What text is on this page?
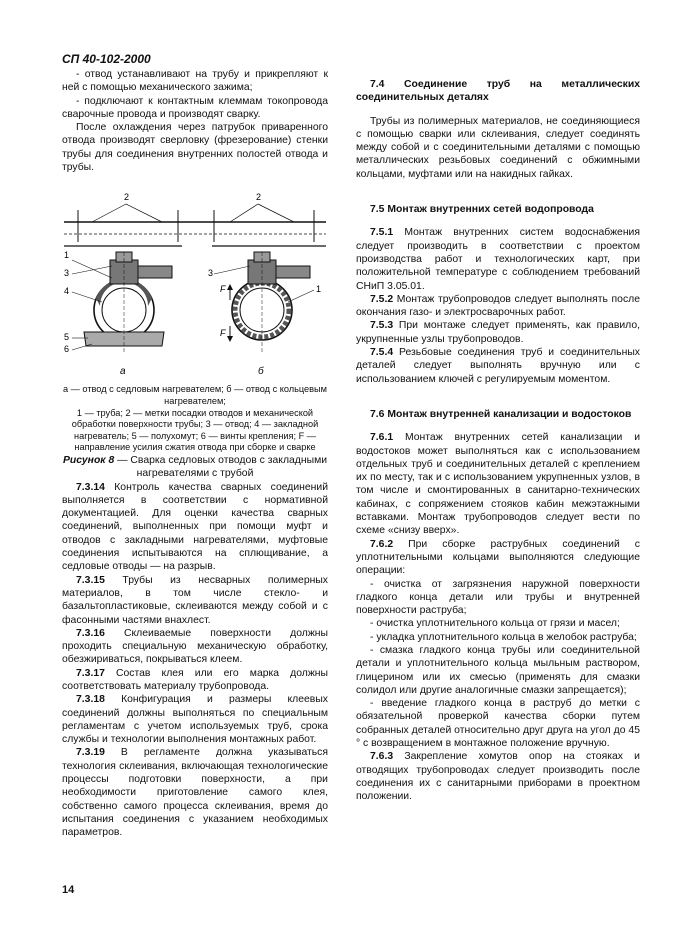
СП 40-102-2000

- отвод устанавливают на трубу и прикрепляют к ней с помощью механического зажима;

- подключают к контактным клеммам токопровода сварочные провода и производят сварку.

После охлаждения через патрубок приваренного отвода производят сверловку (фрезерование) стенки трубы для соединения внутренних полостей отвода и трубы.

2	2
1
3
4
3
1
F
F
5
6
а	б

а — отвод с седловым нагревателем; б — отвод с кольцевым нагревателем;

1 — труба; 2 — метки посадки отводов и механической обработки поверхности трубы; 3 — отвод; 4 — закладной нагреватель; 5 — полухомут; 6 — винты крепления; F — направление усилия сжатия отвода при сборке и сварке

Рисунок 8 — Сварка седловых отводов с закладными нагревателями с трубой

7.3.14 Контроль качества сварных соединений выполняется в соответствии с нормативной документацией. Для оценки качества сварных соединений, выполненных при помощи муфт и отводов с закладными нагревателями, муфтовые соединения испытываются на сплющивание, а седловые отводы — на разрыв.

7.3.15 Трубы из несварных полимерных материалов, в том числе стекло- и базальтопластиковые, склеиваются между собой и с фасонными частями внахлест.

7.3.16 Склеиваемые поверхности должны проходить специальную механическую обработку, обезжириваться, покрываться клеем.

7.3.17 Состав клея или его марка должны соответствовать материалу трубопровода.

7.3.18 Конфигурация и размеры клеевых соединений должны выполняться по специальным регламентам с учетом используемых труб, срока службы и технологии выполнения монтажных работ.

7.3.19 В регламенте должна указываться технология склеивания, включающая технологические процессы подготовки поверхности, а при необходимости приготовление самого клея, собственно самого процесса склеивания, время до испытания соединения с указанием необходимых параметров.

7.4 Соединение труб на металлических соединительных деталях

Трубы из полимерных материалов, не соединяющиеся с помощью сварки или склеивания, следует соединять между собой и с соединительными деталями с помощью металлических резьбовых соединений с обжимными кольцами, муфтами или на накидных гайках.

7.5 Монтаж внутренних сетей водопровода

7.5.1 Монтаж внутренних систем водоснабжения следует производить в соответствии с проектом производства работ и технологических карт, при положительной температуре с соблюдением требований СНиП 3.05.01.

7.5.2 Монтаж трубопроводов следует выполнять после окончания газо- и электросварочных работ.

7.5.3 При монтаже следует применять, как правило, укрупненные узлы трубопроводов.

7.5.4 Резьбовые соединения труб и соединительных деталей следует выполнять вручную или с использованием ключей с регулируемым моментом.

7.6 Монтаж внутренней канализации и водостоков

7.6.1 Монтаж внутренних сетей канализации и водостоков может выполняться как с использованием отдельных труб и соединительных деталей с креплением их по месту, так и с использованием укрупненных узлов, в том числе и смонтированных в санитарно-технических кабинах, с сопряжением стояков кабин межэтажными вставками. Монтаж трубопроводов следует вести по схеме «снизу вверх».

7.6.2 При сборке раструбных соединений с уплотнительными кольцами выполняются следующие операции:

- очистка от загрязнения наружной поверхности гладкого конца детали или трубы и внутренней поверхности раструба;

- очистка уплотнительного кольца от грязи и масел;

- укладка уплотнительного кольца в желобок раструба;

- смазка гладкого конца трубы или соединительной детали и уплотнительного кольца мыльным раствором, глицерином или их смесью (применять для смазки солидол или другие аналогичные смазки запрещается);

- введение гладкого конца в раструб до метки с обязательной проверкой качества сборки путем собранных деталей относительно друг друга на угол до 45 ° с возвращением в монтажное положение вручную.

7.6.3 Закрепление хомутов опор на стояках и отводящих трубопроводах следует производить после соединения их с санитарными приборами в проектном положении.

14
